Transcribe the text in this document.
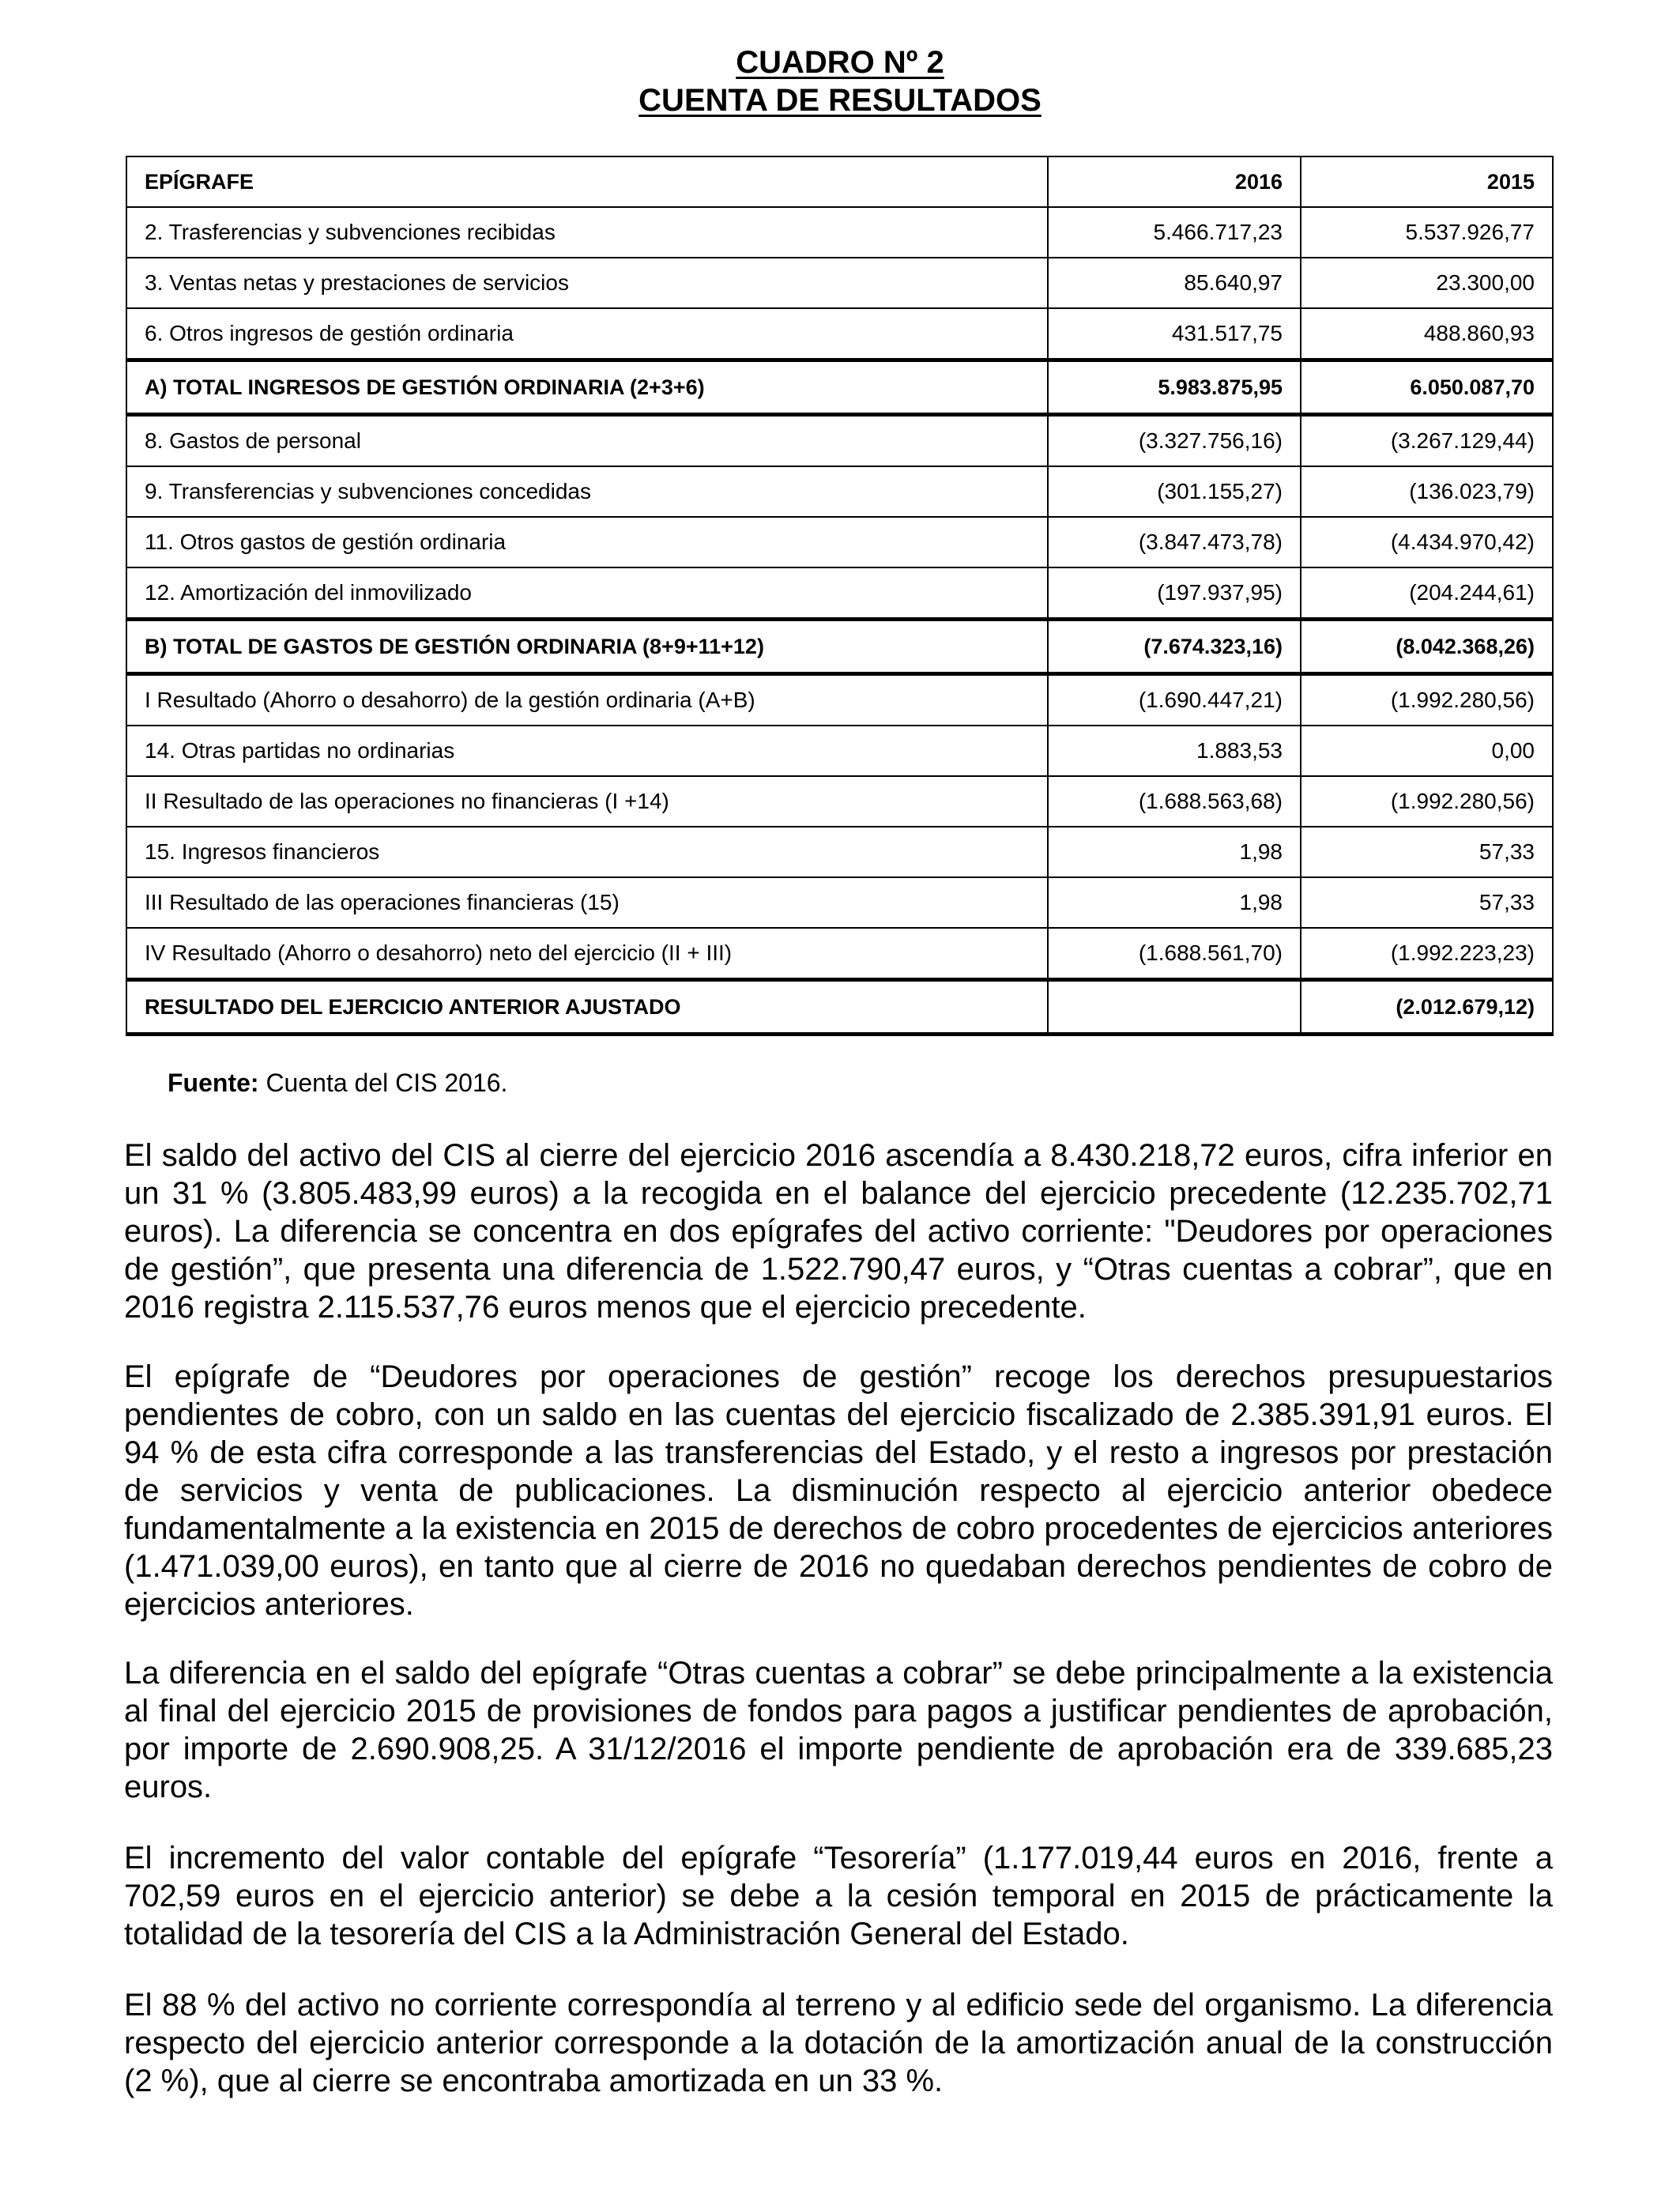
CUADRO Nº 2
CUENTA DE RESULTADOS
EPÍGRAFE	2016	2015
2. Trasferencias y subvenciones recibidas	5.466.717,23	5.537.926,77
3. Ventas netas y prestaciones de servicios	85.640,97	23.300,00
6. Otros ingresos de gestión ordinaria	431.517,75	488.860,93
A) TOTAL INGRESOS DE GESTIÓN ORDINARIA (2+3+6)	5.983.875,95	6.050.087,70
8. Gastos de personal	(3.327.756,16)	(3.267.129,44)
9. Transferencias y subvenciones concedidas	(301.155,27)	(136.023,79)
11. Otros gastos de gestión ordinaria	(3.847.473,78)	(4.434.970,42)
12. Amortización del inmovilizado	(197.937,95)	(204.244,61)
B) TOTAL DE GASTOS DE GESTIÓN ORDINARIA (8+9+11+12)	(7.674.323,16)	(8.042.368,26)
I Resultado (Ahorro o desahorro) de la gestión ordinaria (A+B)	(1.690.447,21)	(1.992.280,56)
14. Otras partidas no ordinarias	1.883,53	0,00
II Resultado de las operaciones no financieras (I +14)	(1.688.563,68)	(1.992.280,56)
15. Ingresos financieros	1,98	57,33
III Resultado de las operaciones financieras (15)	1,98	57,33
IV Resultado (Ahorro o desahorro) neto del ejercicio (II + III)	(1.688.561,70)	(1.992.223,23)
RESULTADO DEL EJERCICIO ANTERIOR AJUSTADO		(2.012.679,12)
Fuente: Cuenta del CIS 2016.

El saldo del activo del CIS al cierre del ejercicio 2016 ascendía a 8.430.218,72 euros, cifra inferior en un 31 % (3.805.483,99 euros) a la recogida en el balance del ejercicio precedente (12.235.702,71 euros). La diferencia se concentra en dos epígrafes del activo corriente: "Deudores por operaciones de gestión”, que presenta una diferencia de 1.522.790,47 euros, y “Otras cuentas a cobrar”, que en 2016 registra 2.115.537,76 euros menos que el ejercicio precedente.

El epígrafe de “Deudores por operaciones de gestión” recoge los derechos presupuestarios pendientes de cobro, con un saldo en las cuentas del ejercicio fiscalizado de 2.385.391,91 euros. El 94 % de esta cifra corresponde a las transferencias del Estado, y el resto a ingresos por prestación de servicios y venta de publicaciones. La disminución respecto al ejercicio anterior obedece fundamentalmente a la existencia en 2015 de derechos de cobro procedentes de ejercicios anteriores (1.471.039,00 euros), en tanto que al cierre de 2016 no quedaban derechos pendientes de cobro de ejercicios anteriores.

La diferencia en el saldo del epígrafe “Otras cuentas a cobrar” se debe principalmente a la existencia al final del ejercicio 2015 de provisiones de fondos para pagos a justificar pendientes de aprobación, por importe de 2.690.908,25. A 31/12/2016 el importe pendiente de aprobación era de 339.685,23 euros.

El incremento del valor contable del epígrafe “Tesorería” (1.177.019,44 euros en 2016, frente a 702,59 euros en el ejercicio anterior) se debe a la cesión temporal en 2015 de prácticamente la totalidad de la tesorería del CIS a la Administración General del Estado.

El 88 % del activo no corriente correspondía al terreno y al edificio sede del organismo. La diferencia respecto del ejercicio anterior corresponde a la dotación de la amortización anual de la construcción (2 %), que al cierre se encontraba amortizada en un 33 %.
